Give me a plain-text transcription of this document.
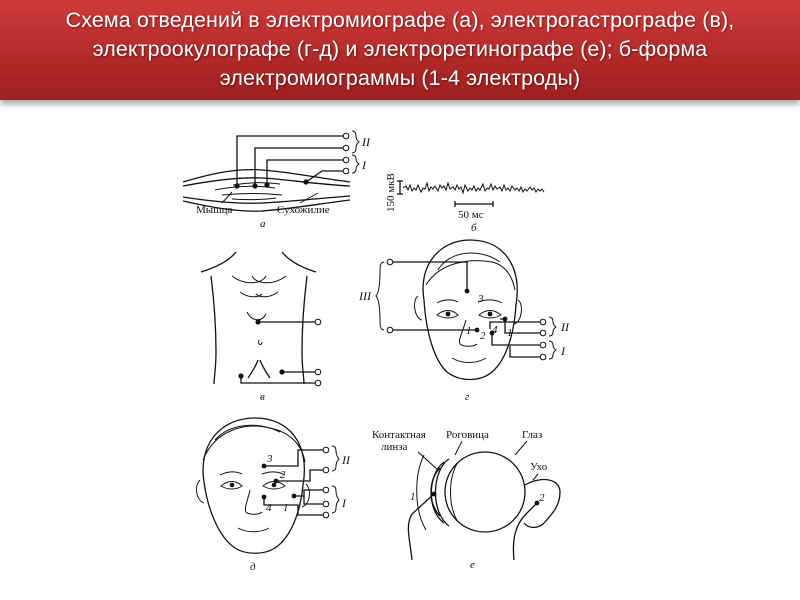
Схема отведений в электромиографе (а), электрогастрографе (в), электроокулографе (г-д) и электроретинографе (е); б-форма электромиограммы (1-4 электроды)
II
I
Мышца	Сухожилие
а
150 мкВ
50 мс
б
в
III
II
I
3
1 2 4 1
г
II
I
3
2
4 1
д
Контактная
линза
Роговица	Глаз
Ухо
1	2
е
